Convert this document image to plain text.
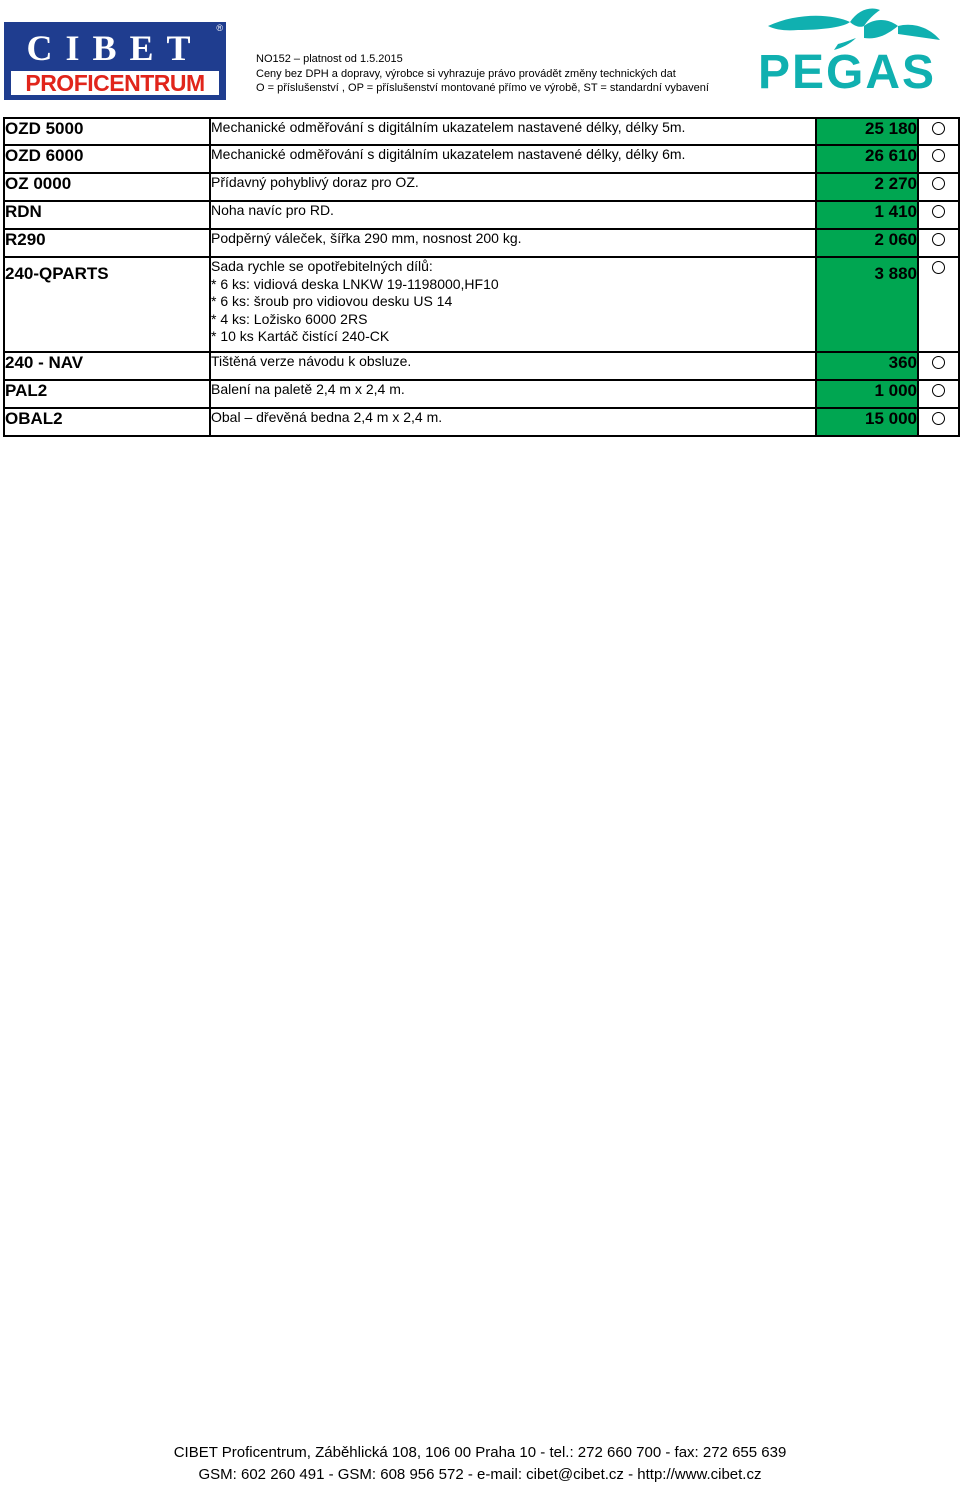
CIBET	®
PROFICENTRUM
NO152 – platnost od 1.5.2015
Ceny bez DPH a dopravy, výrobce si vyhrazuje právo provádět změny technických dat
O = příslušenství , OP = příslušenství montované přímo ve výrobě, ST = standardní vybavení	PEGAS
OZD 5000	Mechanické odměřování s digitálním ukazatelem nastavené délky, délky 5m.	25 180	
OZD 6000	Mechanické odměřování s digitálním ukazatelem nastavené délky, délky 6m.	26 610	
OZ 0000	Přídavný pohyblivý doraz pro OZ.	2 270	
RDN	Noha navíc pro RD.	1 410	
R290	Podpěrný váleček, šířka 290 mm, nosnost 200 kg.	2 060	
240-QPARTS	Sada rychle se opotřebitelných dílů:
* 6 ks: vidiová deska LNKW 19-1198000,HF10
* 6 ks: šroub pro vidiovou desku US 14
* 4 ks: Ložisko 6000 2RS
* 10 ks Kartáč čistící 240-CK	3 880	
240 - NAV	Tištěná verze návodu k obsluze.	360	
PAL2	Balení na paletě 2,4 m x 2,4 m.	1 000	
OBAL2	Obal – dřevěná bedna 2,4 m x 2,4 m.	15 000	
CIBET Proficentrum, Záběhlická 108, 106 00 Praha 10 - tel.: 272 660 700 - fax: 272 655 639
GSM: 602 260 491 - GSM: 608 956 572 - e-mail: cibet@cibet.cz - http://www.cibet.cz
